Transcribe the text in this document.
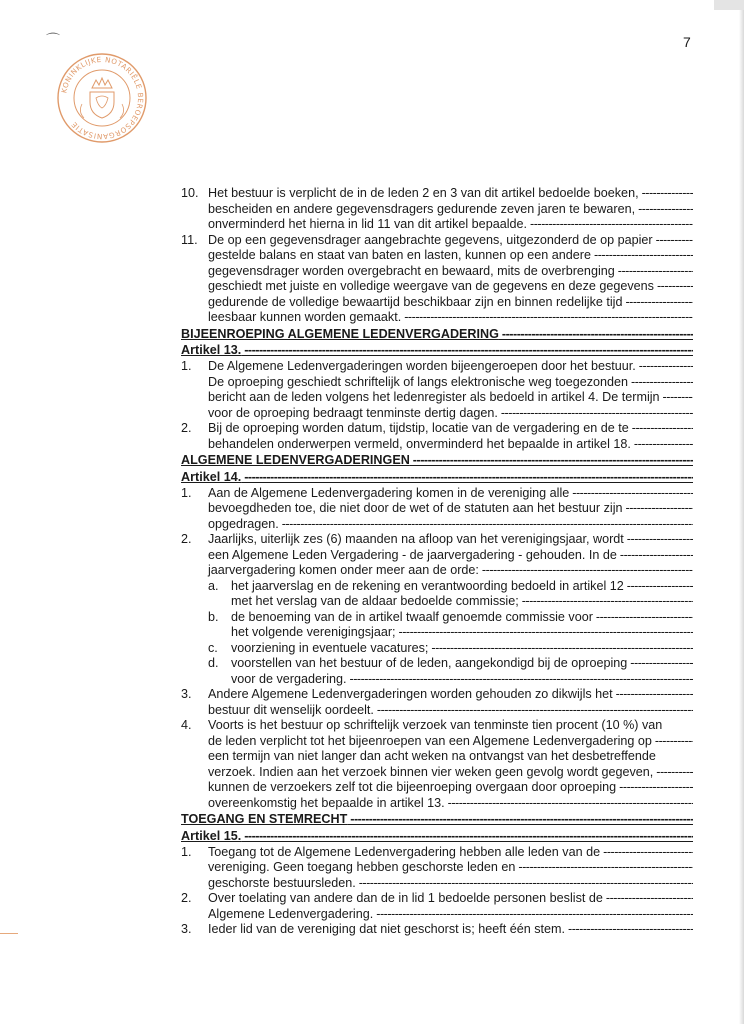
7
⌒
KONINKLIJKE NOTARIËLE BEROEPSORGANISATIE
10. Het bestuur is verplicht de in de leden 2 en 3 van dit artikel bedoelde boeken, -----
bescheiden en andere gegevensdragers gedurende zeven jaren te bewaren, -----
onverminderd het hierna in lid 11 van dit artikel bepaalde. -----
11. De op een gegevensdrager aangebrachte gegevens, uitgezonderd de op papier -----
gestelde balans en staat van baten en lasten, kunnen op een andere -----
gegevensdrager worden overgebracht en bewaard, mits de overbrenging -----
geschiedt met juiste en volledige weergave van de gegevens en deze gegevens -----
gedurende de volledige bewaartijd beschikbaar zijn en binnen redelijke tijd -----
leesbaar kunnen worden gemaakt. -----
BIJEENROEPING ALGEMENE LEDENVERGADERING -----
Artikel 13. -----
1. De Algemene Ledenvergaderingen worden bijeengeroepen door het bestuur. -----
De oproeping geschiedt schriftelijk of langs elektronische weg toegezonden -----
bericht aan de leden volgens het ledenregister als bedoeld in artikel 4. De termijn -----
voor de oproeping bedraagt tenminste dertig dagen. -----
2. Bij de oproeping worden datum, tijdstip, locatie van de vergadering en de te -----
behandelen onderwerpen vermeld, onverminderd het bepaalde in artikel 18. -----
ALGEMENE LEDENVERGADERINGEN -----
Artikel 14. -----
1. Aan de Algemene Ledenvergadering komen in de vereniging alle -----
bevoegdheden toe, die niet door de wet of de statuten aan het bestuur zijn -----
opgedragen. -----
2. Jaarlijks, uiterlijk zes (6) maanden na afloop van het verenigingsjaar, wordt -----
een Algemene Leden Vergadering - de jaarvergadering - gehouden. In de -----
jaarvergadering komen onder meer aan de orde: -----
a. het jaarverslag en de rekening en verantwoording bedoeld in artikel 12 -----
met het verslag van de aldaar bedoelde commissie; -----
b. de benoeming van de in artikel twaalf genoemde commissie voor -----
het volgende verenigingsjaar; -----
c. voorziening in eventuele vacatures; -----
d. voorstellen van het bestuur of de leden, aangekondigd bij de oproeping -----
voor de vergadering. -----
3. Andere Algemene Ledenvergaderingen worden gehouden zo dikwijls het -----
bestuur dit wenselijk oordeelt. -----
4. Voorts is het bestuur op schriftelijk verzoek van tenminste tien procent (10 %) van
de leden verplicht tot het bijeenroepen van een Algemene Ledenvergadering op -----
een termijn van niet langer dan acht weken na ontvangst van het desbetreffende
verzoek. Indien aan het verzoek binnen vier weken geen gevolg wordt gegeven, -----
kunnen de verzoekers zelf tot die bijeenroeping overgaan door oproeping -----
overeenkomstig het bepaalde in artikel 13. -----
TOEGANG EN STEMRECHT -----
Artikel 15. -----
1. Toegang tot de Algemene Ledenvergadering hebben alle leden van de -----
vereniging. Geen toegang hebben geschorste leden en -----
geschorste bestuursleden. -----
2. Over toelating van andere dan de in lid 1 bedoelde personen beslist de -----
Algemene Ledenvergadering. -----
3. Ieder lid van de vereniging dat niet geschorst is; heeft één stem. -----
